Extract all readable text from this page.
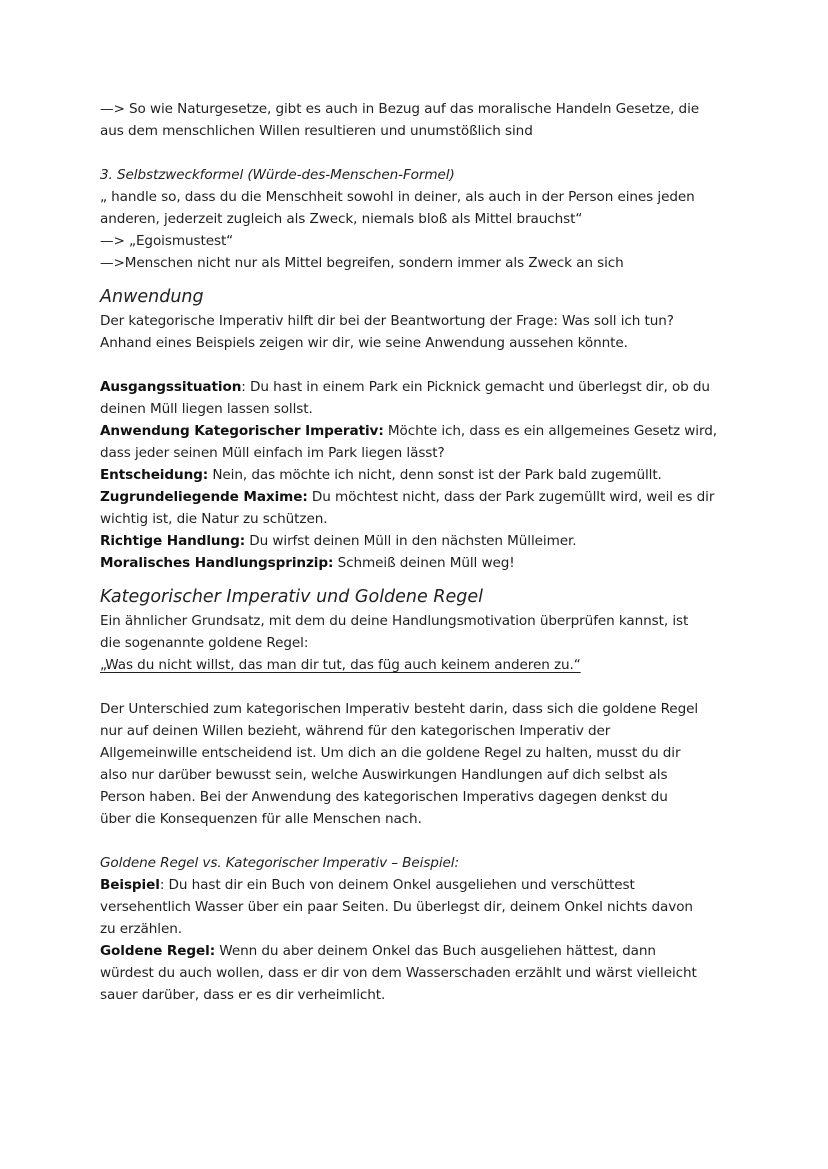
—> So wie Naturgesetze, gibt es auch in Bezug auf das moralische Handeln Gesetze, die
aus dem menschlichen Willen resultieren und unumstößlich sind
3. Selbstzweckformel (Würde-des-Menschen-Formel)
„ handle so, dass du die Menschheit sowohl in deiner, als auch in der Person eines jeden
anderen, jederzeit zugleich als Zweck, niemals bloß als Mittel brauchst“
—> „Egoismustest“
—>Menschen nicht nur als Mittel begreifen, sondern immer als Zweck an sich
Anwendung
Der kategorische Imperativ hilft dir bei der Beantwortung der Frage: Was soll ich tun?
Anhand eines Beispiels zeigen wir dir, wie seine Anwendung aussehen könnte.
Ausgangssituation: Du hast in einem Park ein Picknick gemacht und überlegst dir, ob du
deinen Müll liegen lassen sollst.
Anwendung Kategorischer Imperativ: Möchte ich, dass es ein allgemeines Gesetz wird,
dass jeder seinen Müll einfach im Park liegen lässt?
Entscheidung: Nein, das möchte ich nicht, denn sonst ist der Park bald zugemüllt.
Zugrundeliegende Maxime: Du möchtest nicht, dass der Park zugemüllt wird, weil es dir
wichtig ist, die Natur zu schützen.
Richtige Handlung: Du wirfst deinen Müll in den nächsten Mülleimer.
Moralisches Handlungsprinzip: Schmeiß deinen Müll weg!
Kategorischer Imperativ und Goldene Regel
Ein ähnlicher Grundsatz, mit dem du deine Handlungsmotivation überprüfen kannst, ist
die sogenannte goldene Regel:
„Was du nicht willst, das man dir tut, das füg auch keinem anderen zu.“
Der Unterschied zum kategorischen Imperativ besteht darin, dass sich die goldene Regel
nur auf deinen Willen bezieht, während für den kategorischen Imperativ der
Allgemeinwille entscheidend ist. Um dich an die goldene Regel zu halten, musst du dir
also nur darüber bewusst sein, welche Auswirkungen Handlungen auf dich selbst als
Person haben. Bei der Anwendung des kategorischen Imperativs dagegen denkst du
über die Konsequenzen für alle Menschen nach.
Goldene Regel vs. Kategorischer Imperativ – Beispiel:
Beispiel: Du hast dir ein Buch von deinem Onkel ausgeliehen und verschüttest
versehentlich Wasser über ein paar Seiten. Du überlegst dir, deinem Onkel nichts davon
zu erzählen.
Goldene Regel: Wenn du aber deinem Onkel das Buch ausgeliehen hättest, dann
würdest du auch wollen, dass er dir von dem Wasserschaden erzählt und wärst vielleicht
sauer darüber, dass er es dir verheimlicht.
